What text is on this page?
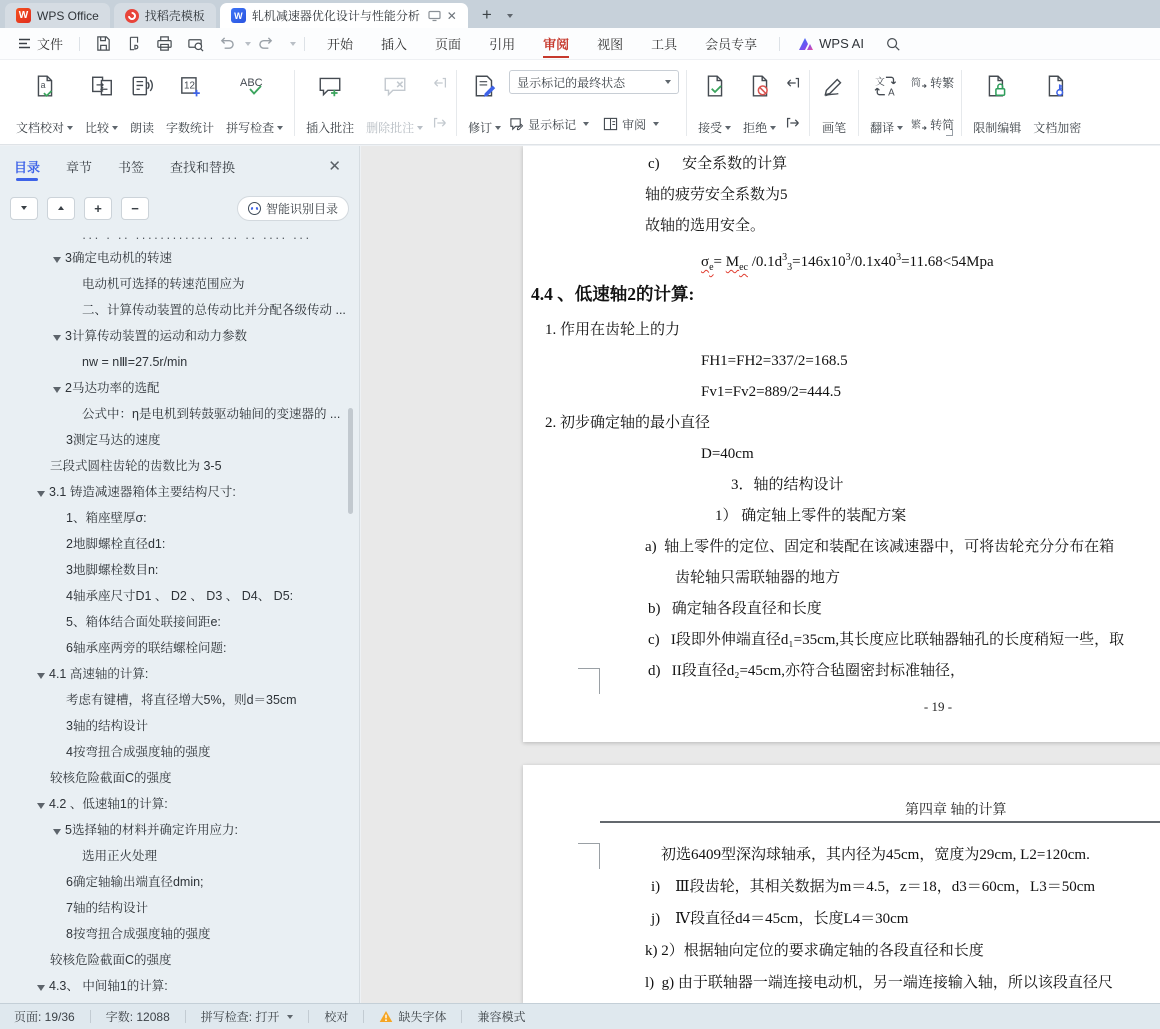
W WPS Office	找稻壳模板	W 轧机减速器优化设计与性能分析 ✕ +
文件	开始	插入	页面	引用	审阅	视图	工具	会员专享	WPS AI
a
文档校对 比较 朗读
12
字数统计
ABC
拼写检查	插入批注 删除批注	修订
显示标记的最终状态
显示标记	审阅	接受 拒绝	画笔
文
A
翻译
简 转繁
繁 转简 限制编辑 文档加密
目录 章节 书签 查找和替换	✕
+	−	智能识别目录
··· · ·· ············· ··· ·· ···· ···
3确定电动机的转速
电动机可选择的转速范围应为
二、计算传动装置的总传动比并分配各级传动 ...
3计算传动装置的运动和动力参数
nw = nⅢ=27.5r/min
2马达功率的选配
公式中：η是电机到转鼓驱动轴间的变速器的 ...
3测定马达的速度
三段式圆柱齿轮的齿数比为 3-5
3.1 铸造减速器箱体主要结构尺寸:
1、箱座壁厚σ:
2地脚螺栓直径d1:
3地脚螺栓数目n:
4轴承座尺寸D1 、 D2 、 D3 、 D4、 D5:
5、箱体结合面处联接间距e:
6轴承座两旁的联结螺栓问题:
4.1 高速轴的计算:
考虑有键槽，将直径增大5%，则d＝35cm
3轴的结构设计
4按弯扭合成强度轴的强度
较核危险截面C的强度
4.2 、低速轴1的计算:
5选择轴的材料并确定许用应力:
选用正火处理
6确定轴输出端直径dmin;
7轴的结构设计
8按弯扭合成强度轴的强度
较核危险截面C的强度
4.3、 中间轴1的计算:
c)      安全系数的计算
轴的疲劳安全系数为5
故轴的选用安全。
$\sigma_e= M_{ec}$ $/0.1d^3_3=146x10^3/0.1x40^3=11.68<54Mpa$
4.4 、低速轴2的计算:
1. 作用在齿轮上的力
FH1=FH2=337/2=168.5
Fv1=Fv2=889/2=444.5
2. 初步确定轴的最小直径
D=40cm
3．轴的结构设计
1） 确定轴上零件的装配方案
a)  轴上零件的定位、固定和装配在该减速器中，可将齿轮充分分布在箱
齿轮轴只需联轴器的地方
b)   确定轴各段直径和长度
c)   I段即外伸端直径d₁=35cm,其长度应比联轴器轴孔的长度稍短一些，取
d)   II段直径d₂=45cm,亦符合毡圈密封标准轴径，
- 19 -
第四章 轴的计算
初选6409型深沟球轴承，其内径为45cm，宽度为29cm, L2=120cm.
i)    Ⅲ段齿轮，其相关数据为m＝4.5，z＝18，d3＝60cm，L3＝50cm
j)    Ⅳ段直径d4＝45cm，长度L4＝30cm
k) 2）根据轴向定位的要求确定轴的各段直径和长度
l)  g) 由于联轴器一端连接电动机，另一端连接输入轴，所以该段直径尺
页面: 19/36	字数: 12088	拼写检查: 打开	校对	缺失字体	兼容模式
